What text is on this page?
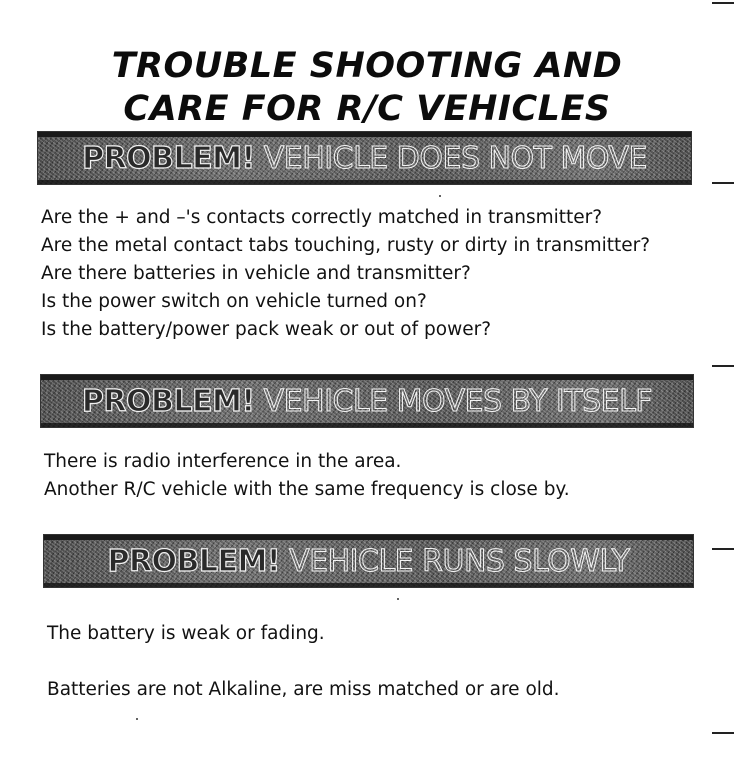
TROUBLE SHOOTING AND
CARE FOR R/C VEHICLES
PROBLEM! VEHICLE DOES NOT MOVE
Are the + and –'s contacts correctly matched in transmitter?
Are the metal contact tabs touching, rusty or dirty in transmitter?
Are there batteries in vehicle and transmitter?
Is the power switch on vehicle turned on?
Is the battery/power pack weak or out of power?
PROBLEM! VEHICLE MOVES BY ITSELF
There is radio interference in the area.
Another R/C vehicle with the same frequency is close by.
PROBLEM! VEHICLE RUNS SLOWLY
The battery is weak or fading.
Batteries are not Alkaline, are miss matched or are old.
